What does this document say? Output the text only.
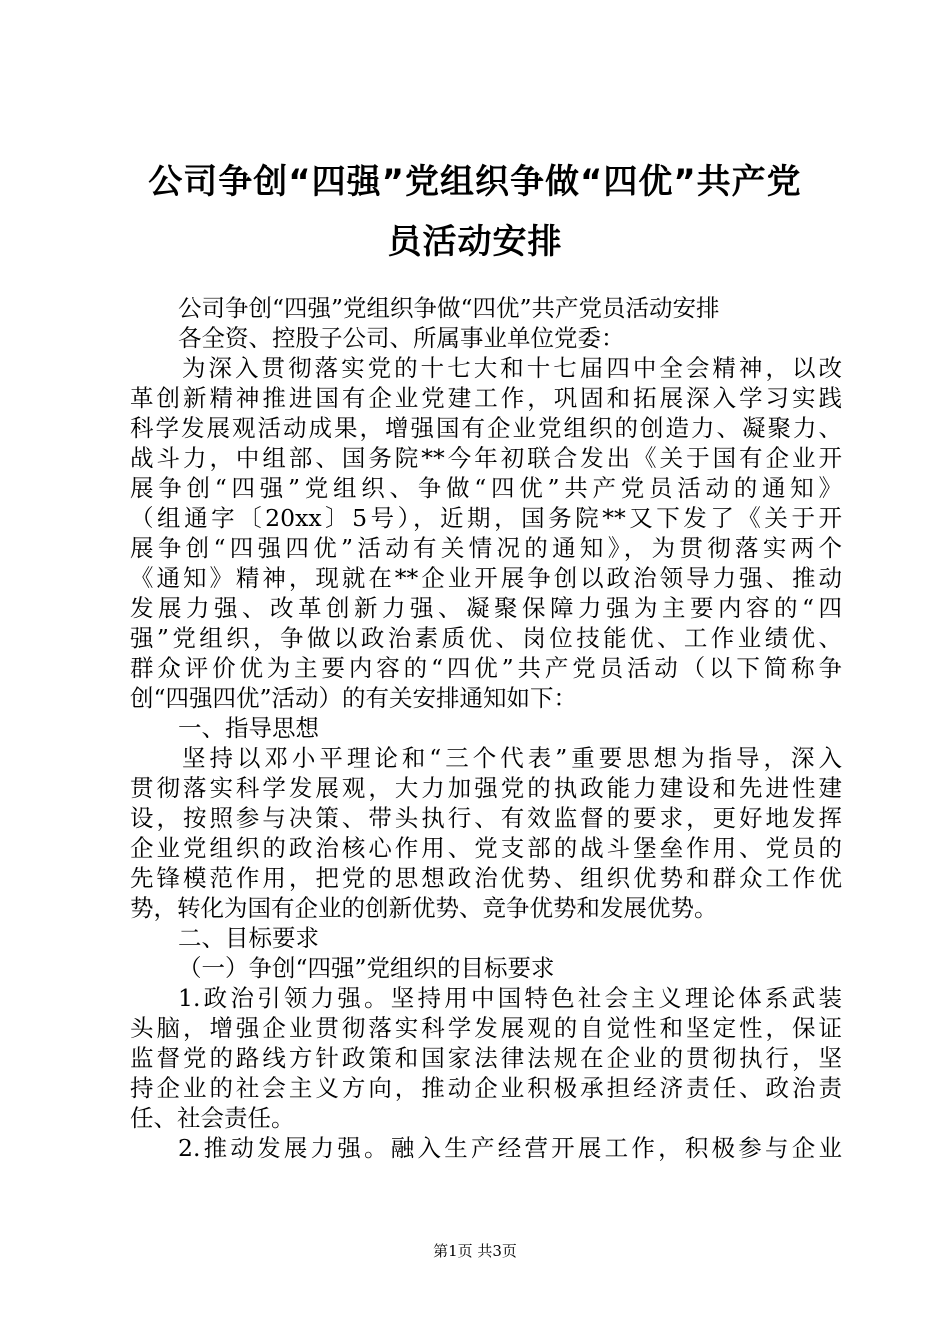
公司争创“四强”党组织争做“四优”共产党
员活动安排
公司争创“四强”党组织争做“四优”共产党员活动安排
各全资、控股子公司、所属事业单位党委：
为深入贯彻落实党的十七大和十七届四中全会精神，以改
革创新精神推进国有企业党建工作，巩固和拓展深入学习实践
科学发展观活动成果，增强国有企业党组织的创造力、凝聚力、
战斗力，中组部、国务院**今年初联合发出《关于国有企业开
展争创“四强”党组织、争做“四优”共产党员活动的通知》
（组通字〔20xx〕5号），近期，国务院**又下发了《关于开
展争创“四强四优”活动有关情况的通知》，为贯彻落实两个
《通知》精神，现就在**企业开展争创以政治领导力强、推动
发展力强、改革创新力强、凝聚保障力强为主要内容的“四
强”党组织，争做以政治素质优、岗位技能优、工作业绩优、
群众评价优为主要内容的“四优”共产党员活动（以下简称争
创“四强四优”活动）的有关安排通知如下：
一、指导思想
坚持以邓小平理论和“三个代表”重要思想为指导，深入
贯彻落实科学发展观，大力加强党的执政能力建设和先进性建
设，按照参与决策、带头执行、有效监督的要求，更好地发挥
企业党组织的政治核心作用、党支部的战斗堡垒作用、党员的
先锋模范作用，把党的思想政治优势、组织优势和群众工作优
势，转化为国有企业的创新优势、竞争优势和发展优势。
二、目标要求
（一）争创“四强”党组织的目标要求
1.政治引领力强。坚持用中国特色社会主义理论体系武装
头脑，增强企业贯彻落实科学发展观的自觉性和坚定性，保证
监督党的路线方针政策和国家法律法规在企业的贯彻执行，坚
持企业的社会主义方向，推动企业积极承担经济责任、政治责
任、社会责任。
2.推动发展力强。融入生产经营开展工作，积极参与企业
第1页 共3页
